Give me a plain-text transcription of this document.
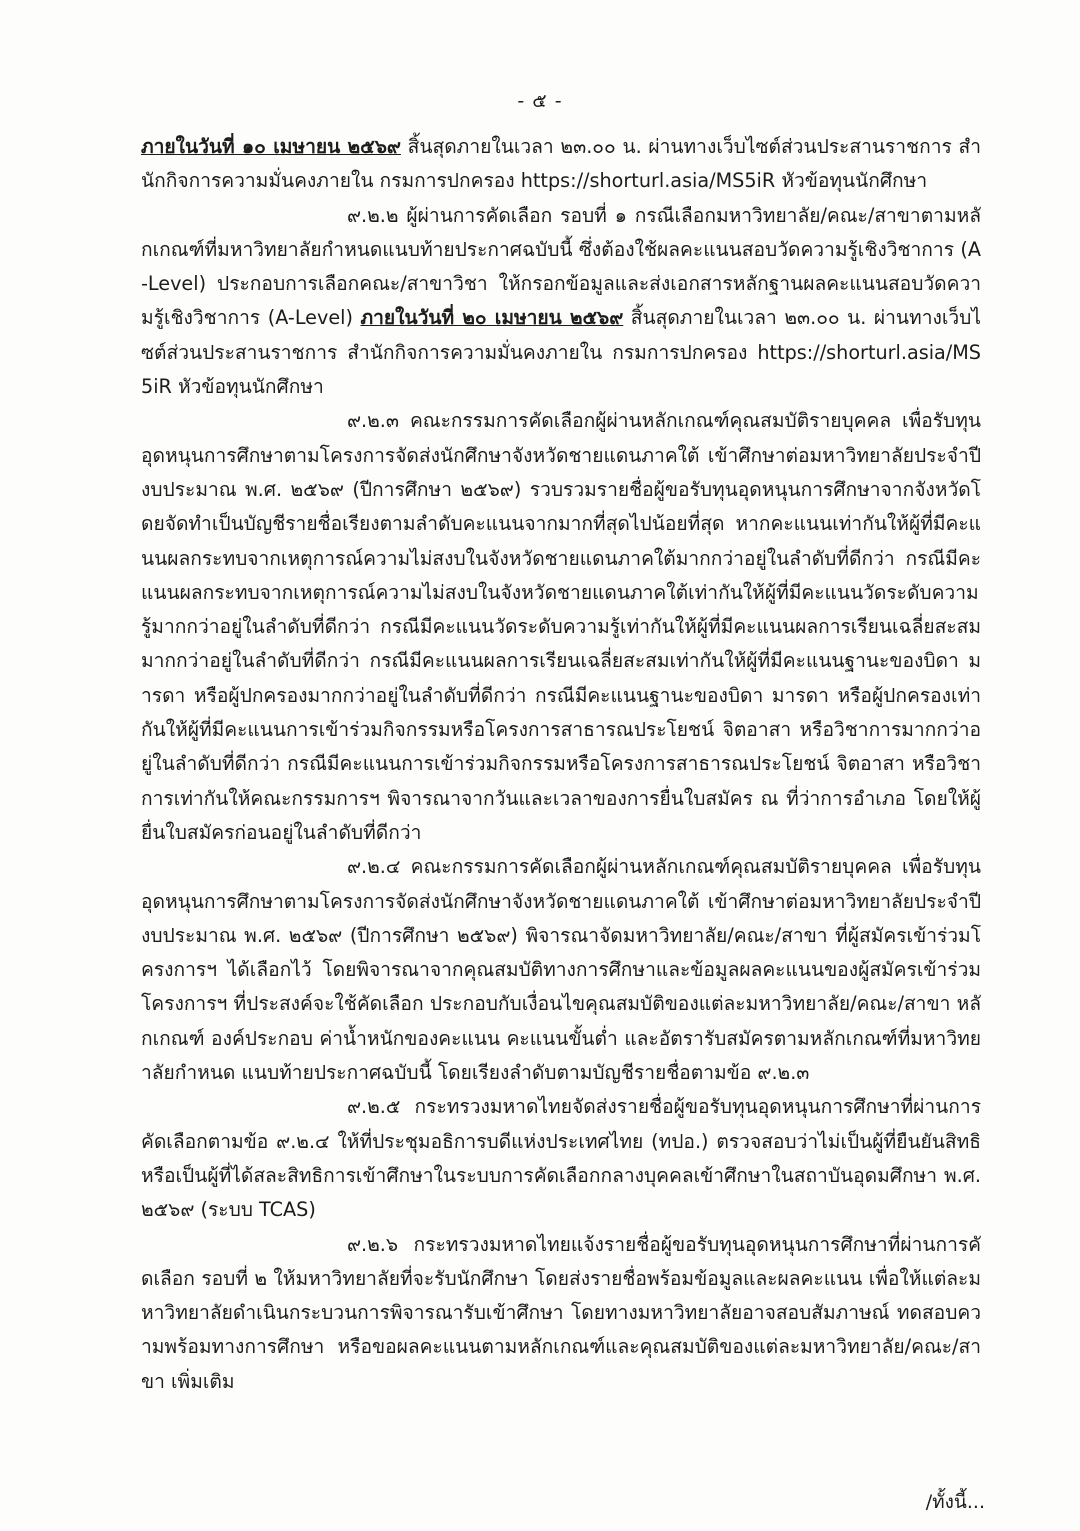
- ๕ -

ภายในวันที่ ๑๐ เมษายน ๒๕๖๙ สิ้นสุดภายในเวลา ๒๓.๐๐ น. ผ่านทางเว็บไซต์ส่วนประสานราชการ สำนักกิจการความมั่นคงภายใน กรมการปกครอง https://shorturl.asia/MS5iR หัวข้อทุนนักศึกษา

๙.๒.๒ ผู้ผ่านการคัดเลือก รอบที่ ๑ กรณีเลือกมหาวิทยาลัย/คณะ/สาขาตามหลักเกณฑ์ที่มหาวิทยาลัยกำหนดแนบท้ายประกาศฉบับนี้ ซึ่งต้องใช้ผลคะแนนสอบวัดความรู้เชิงวิชาการ (A-Level) ประกอบการเลือกคณะ/สาขาวิชา ให้กรอกข้อมูลและส่งเอกสารหลักฐานผลคะแนนสอบวัดความรู้เชิงวิชาการ (A-Level) ภายในวันที่ ๒๐ เมษายน ๒๕๖๙ สิ้นสุดภายในเวลา ๒๓.๐๐ น. ผ่านทางเว็บไซต์ส่วนประสานราชการ สำนักกิจการความมั่นคงภายใน กรมการปกครอง https://shorturl.asia/MS5iR หัวข้อทุนนักศึกษา

๙.๒.๓ คณะกรรมการคัดเลือกผู้ผ่านหลักเกณฑ์คุณสมบัติรายบุคคล เพื่อรับทุนอุดหนุนการศึกษาตามโครงการจัดส่งนักศึกษาจังหวัดชายแดนภาคใต้ เข้าศึกษาต่อมหาวิทยาลัยประจำปีงบประมาณ พ.ศ. ๒๕๖๙ (ปีการศึกษา ๒๕๖๙) รวบรวมรายชื่อผู้ขอรับทุนอุดหนุนการศึกษาจากจังหวัดโดยจัดทำเป็นบัญชีรายชื่อเรียงตามลำดับคะแนนจากมากที่สุดไปน้อยที่สุด หากคะแนนเท่ากันให้ผู้ที่มีคะแนนผลกระทบจากเหตุการณ์ความไม่สงบในจังหวัดชายแดนภาคใต้มากกว่าอยู่ในลำดับที่ดีกว่า กรณีมีคะแนนผลกระทบจากเหตุการณ์ความไม่สงบในจังหวัดชายแดนภาคใต้เท่ากันให้ผู้ที่มีคะแนนวัดระดับความรู้มากกว่าอยู่ในลำดับที่ดีกว่า กรณีมีคะแนนวัดระดับความรู้เท่ากันให้ผู้ที่มีคะแนนผลการเรียนเฉลี่ยสะสมมากกว่าอยู่ในลำดับที่ดีกว่า กรณีมีคะแนนผลการเรียนเฉลี่ยสะสมเท่ากันให้ผู้ที่มีคะแนนฐานะของบิดา มารดา หรือผู้ปกครองมากกว่าอยู่ในลำดับที่ดีกว่า กรณีมีคะแนนฐานะของบิดา มารดา หรือผู้ปกครองเท่ากันให้ผู้ที่มีคะแนนการเข้าร่วมกิจกรรมหรือโครงการสาธารณประโยชน์ จิตอาสา หรือวิชาการมากกว่าอยู่ในลำดับที่ดีกว่า กรณีมีคะแนนการเข้าร่วมกิจกรรมหรือโครงการสาธารณประโยชน์ จิตอาสา หรือวิชาการเท่ากันให้คณะกรรมการฯ พิจารณาจากวันและเวลาของการยื่นใบสมัคร ณ ที่ว่าการอำเภอ โดยให้ผู้ยื่นใบสมัครก่อนอยู่ในลำดับที่ดีกว่า

๙.๒.๔ คณะกรรมการคัดเลือกผู้ผ่านหลักเกณฑ์คุณสมบัติรายบุคคล เพื่อรับทุนอุดหนุนการศึกษาตามโครงการจัดส่งนักศึกษาจังหวัดชายแดนภาคใต้ เข้าศึกษาต่อมหาวิทยาลัยประจำปีงบประมาณ พ.ศ. ๒๕๖๙ (ปีการศึกษา ๒๕๖๙) พิจารณาจัดมหาวิทยาลัย/คณะ/สาขา ที่ผู้สมัครเข้าร่วมโครงการฯ ได้เลือกไว้ โดยพิจารณาจากคุณสมบัติทางการศึกษาและข้อมูลผลคะแนนของผู้สมัครเข้าร่วมโครงการฯ ที่ประสงค์จะใช้คัดเลือก ประกอบกับเงื่อนไขคุณสมบัติของแต่ละมหาวิทยาลัย/คณะ/สาขา หลักเกณฑ์ องค์ประกอบ ค่าน้ำหนักของคะแนน คะแนนขั้นต่ำ และอัตรารับสมัครตามหลักเกณฑ์ที่มหาวิทยาลัยกำหนด แนบท้ายประกาศฉบับนี้ โดยเรียงลำดับตามบัญชีรายชื่อตามข้อ ๙.๒.๓

๙.๒.๕ กระทรวงมหาดไทยจัดส่งรายชื่อผู้ขอรับทุนอุดหนุนการศึกษาที่ผ่านการคัดเลือกตามข้อ ๙.๒.๔ ให้ที่ประชุมอธิการบดีแห่งประเทศไทย (ทปอ.) ตรวจสอบว่าไม่เป็นผู้ที่ยืนยันสิทธิหรือเป็นผู้ที่ได้สละสิทธิการเข้าศึกษาในระบบการคัดเลือกกลางบุคคลเข้าศึกษาในสถาบันอุดมศึกษา พ.ศ. ๒๕๖๙ (ระบบ TCAS)

๙.๒.๖ กระทรวงมหาดไทยแจ้งรายชื่อผู้ขอรับทุนอุดหนุนการศึกษาที่ผ่านการคัดเลือก รอบที่ ๒ ให้มหาวิทยาลัยที่จะรับนักศึกษา โดยส่งรายชื่อพร้อมข้อมูลและผลคะแนน เพื่อให้แต่ละมหาวิทยาลัยดำเนินกระบวนการพิจารณารับเข้าศึกษา โดยทางมหาวิทยาลัยอาจสอบสัมภาษณ์ ทดสอบความพร้อมทางการศึกษา หรือขอผลคะแนนตามหลักเกณฑ์และคุณสมบัติของแต่ละมหาวิทยาลัย/คณะ/สาขา เพิ่มเติม

/ทั้งนี้...
